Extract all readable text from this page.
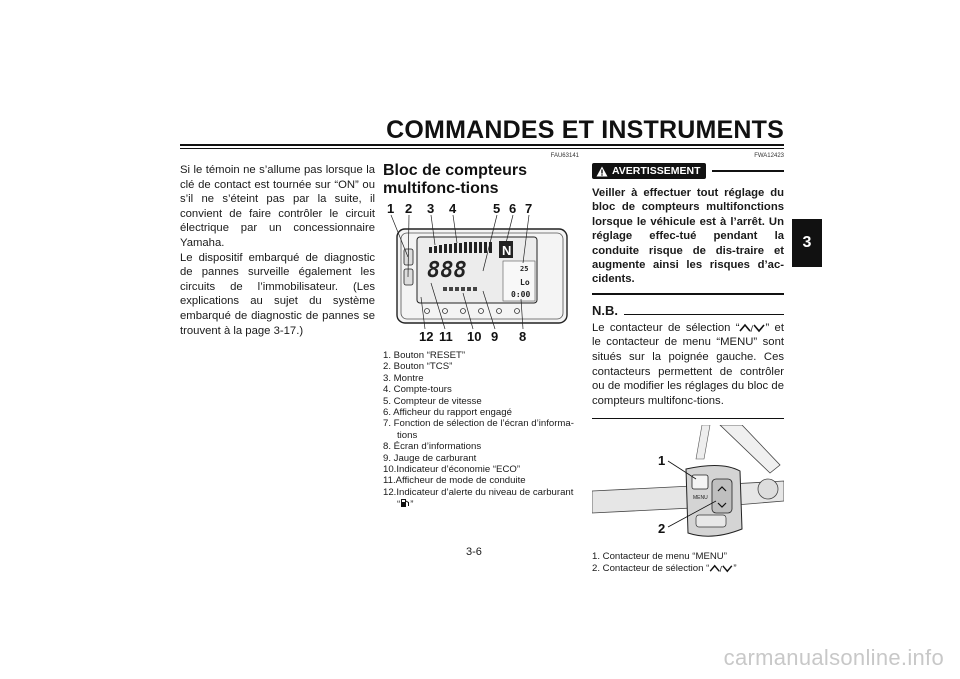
COMMANDES ET INSTRUMENTS
3

Si le témoin ne s’allume pas lorsque la clé de contact est tournée sur “ON” ou s’il ne s’éteint pas par la suite, il convient de faire contrôler le circuit électrique par un concessionnaire Yamaha.

Le dispositif embarqué de diagnostic de pannes surveille également les circuits de l’immobilisateur. (Les explications au sujet du système embarqué de diagnostic de pannes se trouvent à la page 3-17.)

FAU63141

Bloc de compteurs multifonc-tions
1 2 3 4	5 6 7
12 11 10 9 8
888
N
25
Lo
0:00
1. Bouton “RESET”
2. Bouton “TCS”
3. Montre
4. Compte-tours
5. Compteur de vitesse
6. Afficheur du rapport engagé
7. Fonction de sélection de l’écran d’informa-tions
8. Écran d’informations
9. Jauge de carburant
10.Indicateur d’économie “ECO”
11.Afficheur de mode de conduite
12.Indicateur d’alerte du niveau de carburant “ ”

FWA12423

AVERTISSEMENT

Veiller à effectuer tout réglage du bloc de compteurs multifonctions lorsque le véhicule est à l’arrêt. Un réglage effec-tué pendant la conduite risque de dis-traire et augmente ainsi les risques d’ac-cidents.

N.B.

Le contacteur de sélection “ / ” et le contacteur de menu “MENU” sont situés sur la poignée gauche. Ces contacteurs permettent de contrôler ou de modifier les réglages du bloc de compteurs multifonc-tions.

MENU
1
2
1. Contacteur de menu “MENU”
2. Contacteur de sélection “ / ”
3-6
carmanualsonline.info
